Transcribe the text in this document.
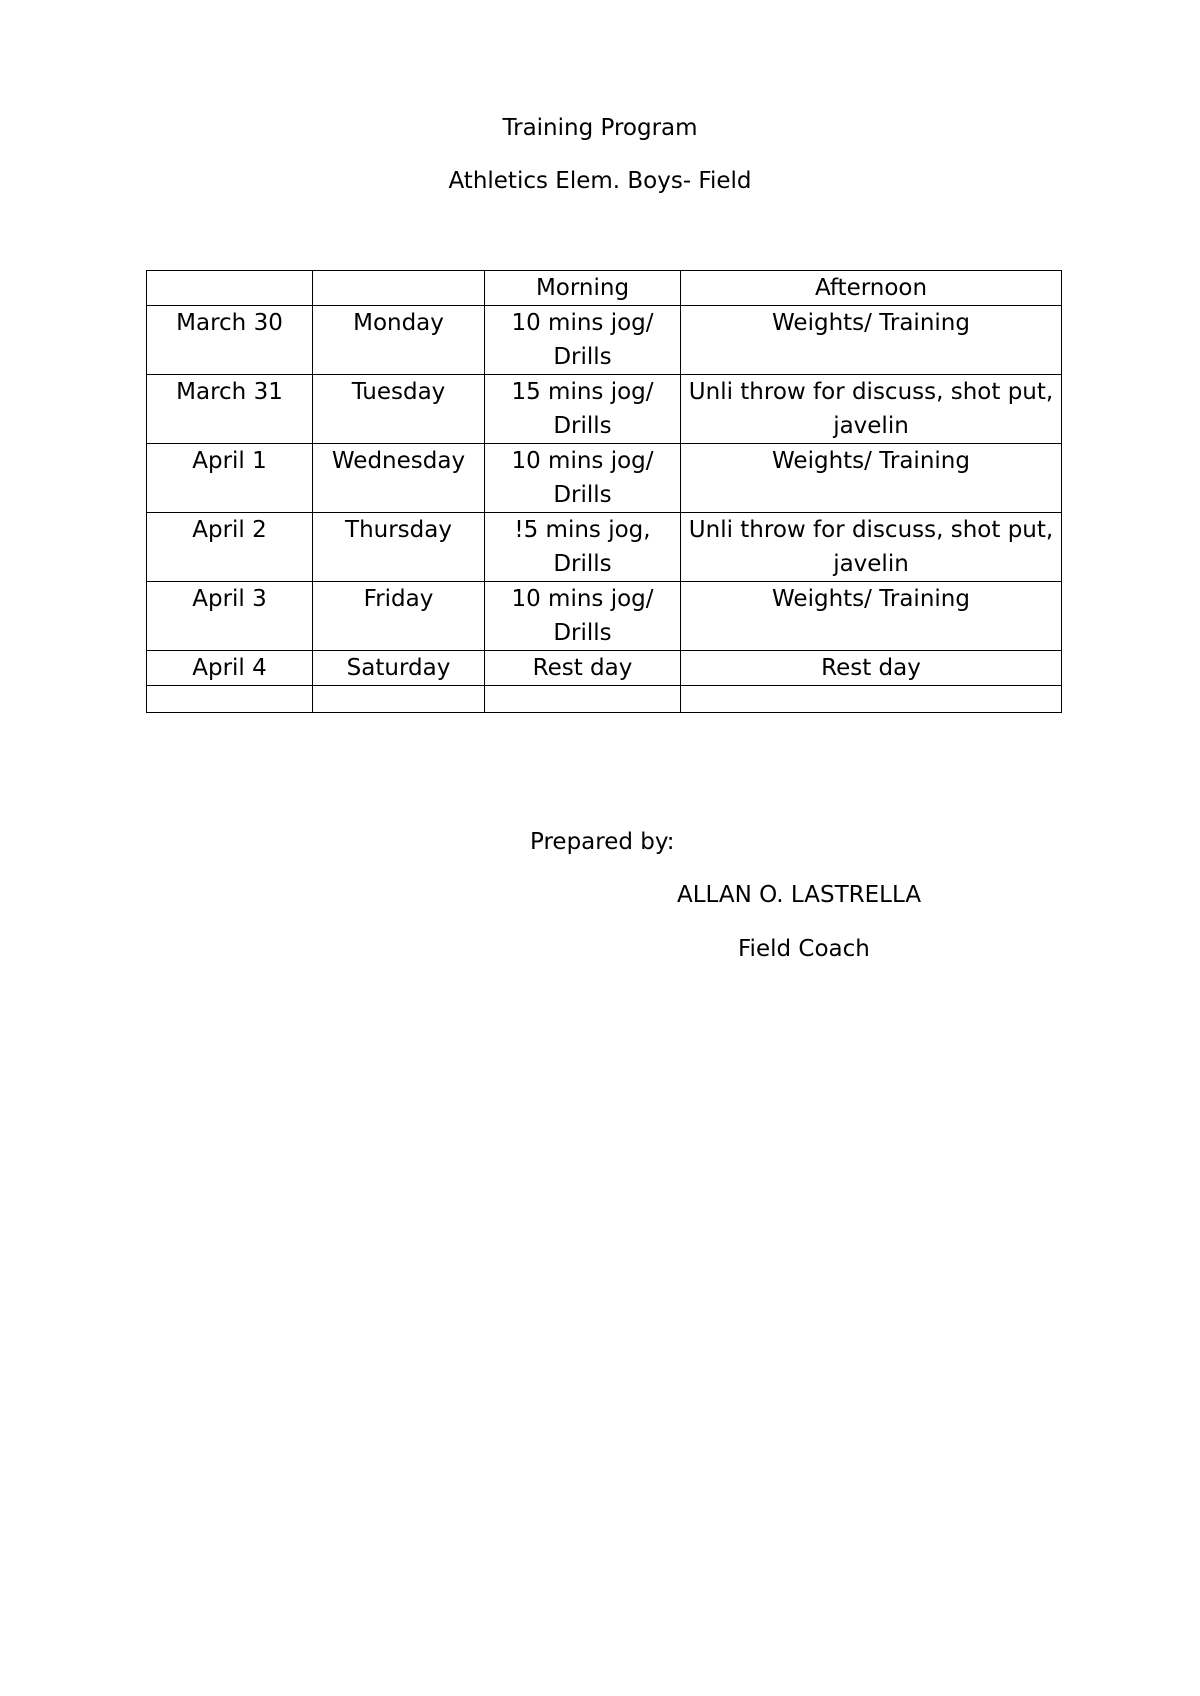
Training Program
Athletics Elem. Boys- Field
		Morning	Afternoon
March 30	Monday	10 mins jog/ Drills	Weights/ Training
March 31	Tuesday	15 mins jog/ Drills	Unli throw for discuss, shot put, javelin
April 1	Wednesday	10 mins jog/ Drills	Weights/ Training
April 2	Thursday	!5 mins jog, Drills	Unli throw for discuss, shot put, javelin
April 3	Friday	10 mins jog/ Drills	Weights/ Training
April 4	Saturday	Rest day	Rest day

Prepared by:
ALLAN O. LASTRELLA
Field Coach
